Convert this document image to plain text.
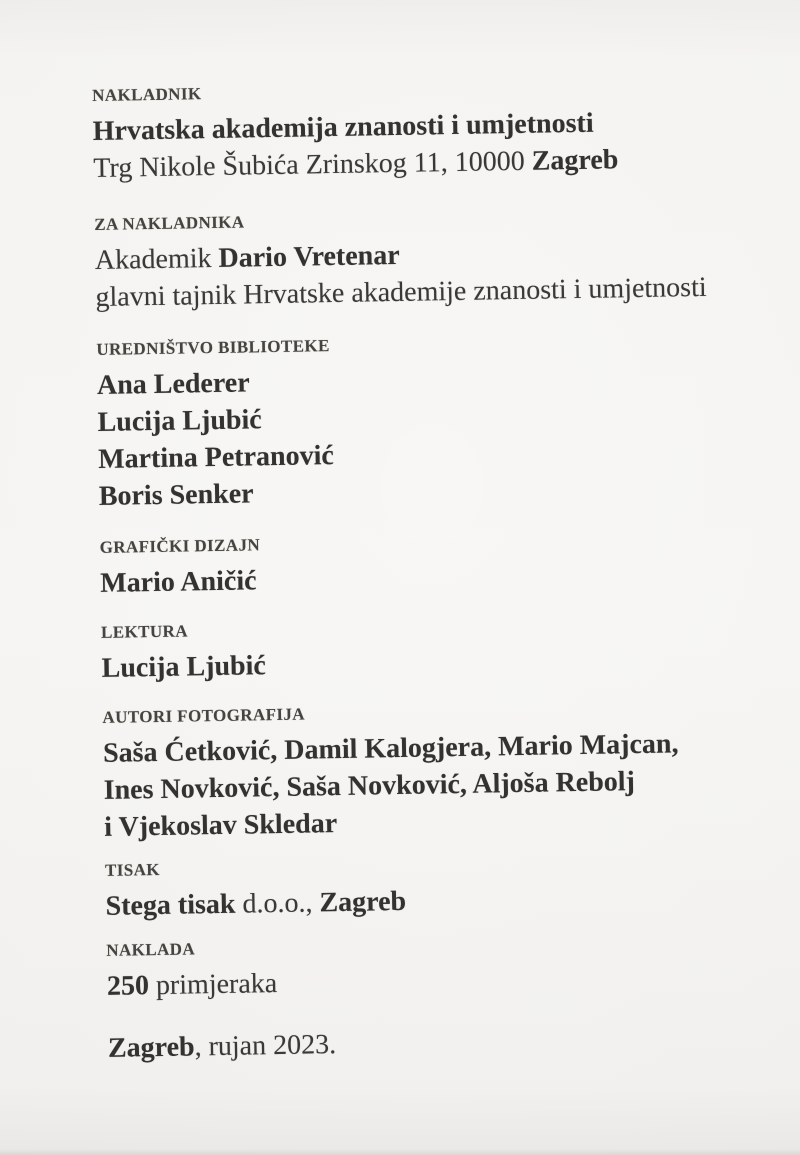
NAKLADNIK
Hrvatska akademija znanosti i umjetnosti
Trg Nikole Šubića Zrinskog 11, 10000 Zagreb
ZA NAKLADNIKA
Akademik Dario Vretenar
glavni tajnik Hrvatske akademije znanosti i umjetnosti
UREDNIŠTVO BIBLIOTEKE
Ana Lederer
Lucija Ljubić
Martina Petranović
Boris Senker
GRAFIČKI DIZAJN
Mario Aničić
LEKTURA
Lucija Ljubić
AUTORI FOTOGRAFIJA
Saša Ćetković, Damil Kalogjera, Mario Majcan,
Ines Novković, Saša Novković, Aljoša Rebolj
i Vjekoslav Skledar
TISAK
Stega tisak d.o.o., Zagreb
NAKLADA
250 primjeraka
Zagreb, rujan 2023.
